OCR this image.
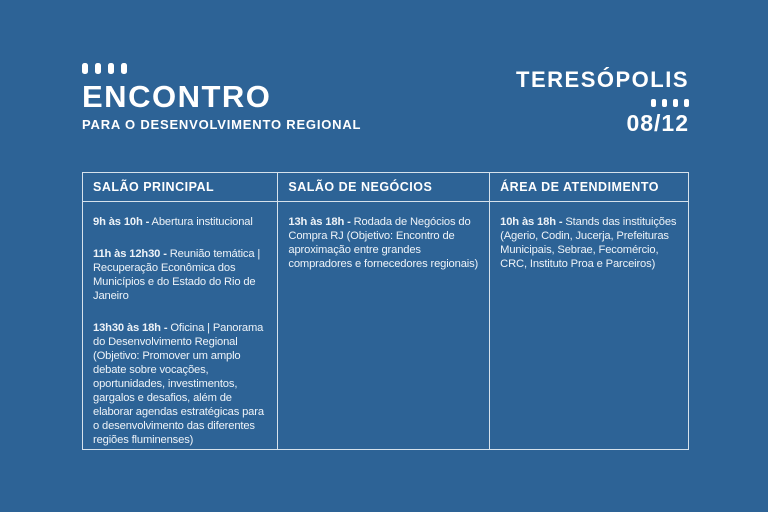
ENCONTRO
PARA O DESENVOLVIMENTO REGIONAL
TERESÓPOLIS
08/12
SALÃO PRINCIPAL	SALÃO DE NEGÓCIOS	ÁREA DE ATENDIMENTO

9h às 10h - Abertura institucional

11h às 12h30 - Reunião temática | Recuperação Econômica dos Municípios e do Estado do Rio de Janeiro

13h30 às 18h - Oficina | Panorama do Desenvolvimento Regional (Objetivo: Promover um amplo debate sobre vocações, oportunidades, investimentos, gargalos e desafios, além de elaborar agendas estratégicas para o desenvolvimento das diferentes regiões fluminenses)

13h às 18h - Rodada de Negócios do Compra RJ (Objetivo: Encontro de aproximação entre grandes compradores e fornecedores regionais)

10h às 18h - Stands das instituições (Agerio, Codin, Jucerja, Prefeituras Municipais, Sebrae, Fecomércio, CRC, Instituto Proa e Parceiros)
